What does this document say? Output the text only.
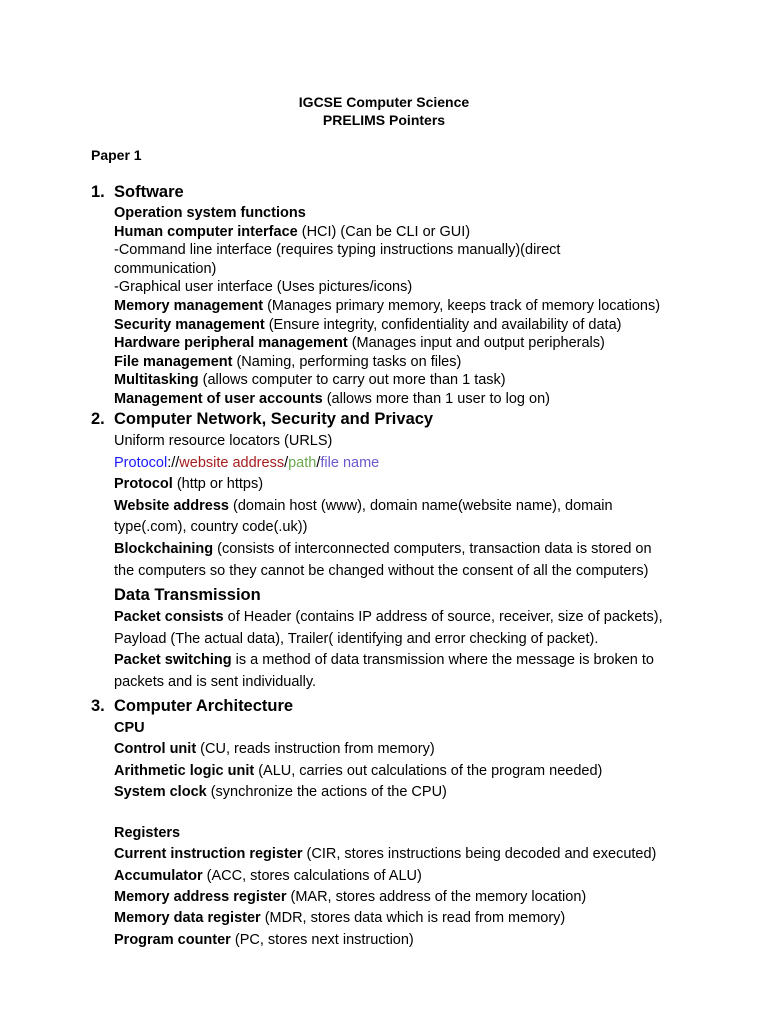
IGCSE Computer Science
PRELIMS Pointers
Paper 1
1. Software
Operation system functions
Human computer interface (HCI) (Can be CLI or GUI)
-Command line interface (requires typing instructions manually)(direct
communication)
-Graphical user interface (Uses pictures/icons)
Memory management (Manages primary memory, keeps track of memory locations)
Security management (Ensure integrity, confidentiality and availability of data)
Hardware peripheral management (Manages input and output peripherals)
File management (Naming, performing tasks on files)
Multitasking (allows computer to carry out more than 1 task)
Management of user accounts (allows more than 1 user to log on)
2. Computer Network, Security and Privacy
Uniform resource locators (URLS)
Protocol://website address/path/file name
Protocol (http or https)
Website address (domain host (www), domain name(website name), domain
type(.com), country code(.uk))
Blockchaining (consists of interconnected computers, transaction data is stored on
the computers so they cannot be changed without the consent of all the computers)
Data Transmission
Packet consists of Header (contains IP address of source, receiver, size of packets),
Payload (The actual data), Trailer( identifying and error checking of packet).
Packet switching is a method of data transmission where the message is broken to
packets and is sent individually.
3. Computer Architecture
CPU
Control unit (CU, reads instruction from memory)
Arithmetic logic unit (ALU, carries out calculations of the program needed)
System clock (synchronize the actions of the CPU)
Registers
Current instruction register (CIR, stores instructions being decoded and executed)
Accumulator (ACC, stores calculations of ALU)
Memory address register (MAR, stores address of the memory location)
Memory data register (MDR, stores data which is read from memory)
Program counter (PC, stores next instruction)
